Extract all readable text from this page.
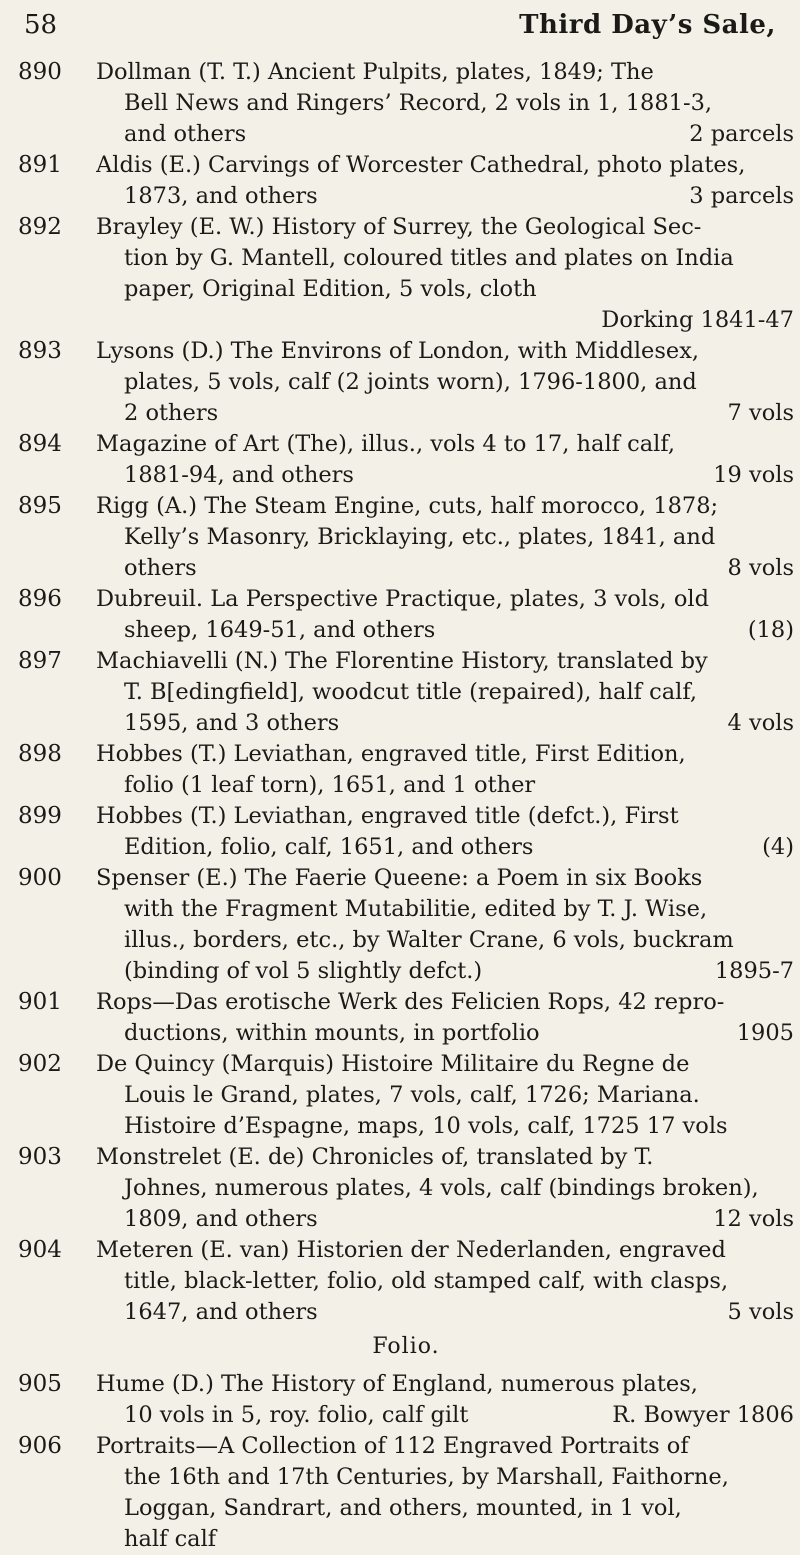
58	Third Day’s Sale,
890	Dollman (T. T.) Ancient Pulpits, plates, 1849; The
Bell News and Ringers’ Record, 2 vols in 1, 1881-3,
and others	2 parcels
891	Aldis (E.) Carvings of Worcester Cathedral, photo plates,
1873, and others	3 parcels
892	Brayley (E. W.) History of Surrey, the Geological Sec-
tion by G. Mantell, coloured titles and plates on India
paper, Original Edition, 5 vols, cloth
Dorking 1841-47
893	Lysons (D.) The Environs of London, with Middlesex,
plates, 5 vols, calf (2 joints worn), 1796-1800, and
2 others	7 vols
894	Magazine of Art (The), illus., vols 4 to 17, half calf,
1881-94, and others	19 vols
895	Rigg (A.) The Steam Engine, cuts, half morocco, 1878;
Kelly’s Masonry, Bricklaying, etc., plates, 1841, and
others	8 vols
896	Dubreuil. La Perspective Practique, plates, 3 vols, old
sheep, 1649-51, and others	(18)
897	Machiavelli (N.) The Florentine History, translated by
T. B[edingfield], woodcut title (repaired), half calf,
1595, and 3 others	4 vols
898	Hobbes (T.) Leviathan, engraved title, First Edition,
folio (1 leaf torn), 1651, and 1 other
899	Hobbes (T.) Leviathan, engraved title (defct.), First
Edition, folio, calf, 1651, and others	(4)
900	Spenser (E.) The Faerie Queene: a Poem in six Books
with the Fragment Mutabilitie, edited by T. J. Wise,
illus., borders, etc., by Walter Crane, 6 vols, buckram
(binding of vol 5 slightly defct.)	1895-7
901	Rops—Das erotische Werk des Felicien Rops, 42 repro-
ductions, within mounts, in portfolio	1905
902	De Quincy (Marquis) Histoire Militaire du Regne de
Louis le Grand, plates, 7 vols, calf, 1726; Mariana.
Histoire d’Espagne, maps, 10 vols, calf, 1725 17 vols
903	Monstrelet (E. de) Chronicles of, translated by T.
Johnes, numerous plates, 4 vols, calf (bindings broken),
1809, and others	12 vols
904	Meteren (E. van) Historien der Nederlanden, engraved
title, black-letter, folio, old stamped calf, with clasps,
1647, and others	5 vols
Folio.
905	Hume (D.) The History of England, numerous plates,
10 vols in 5, roy. folio, calf gilt	R. Bowyer 1806
906	Portraits—A Collection of 112 Engraved Portraits of
the 16th and 17th Centuries, by Marshall, Faithorne,
Loggan, Sandrart, and others, mounted, in 1 vol,
half calf
